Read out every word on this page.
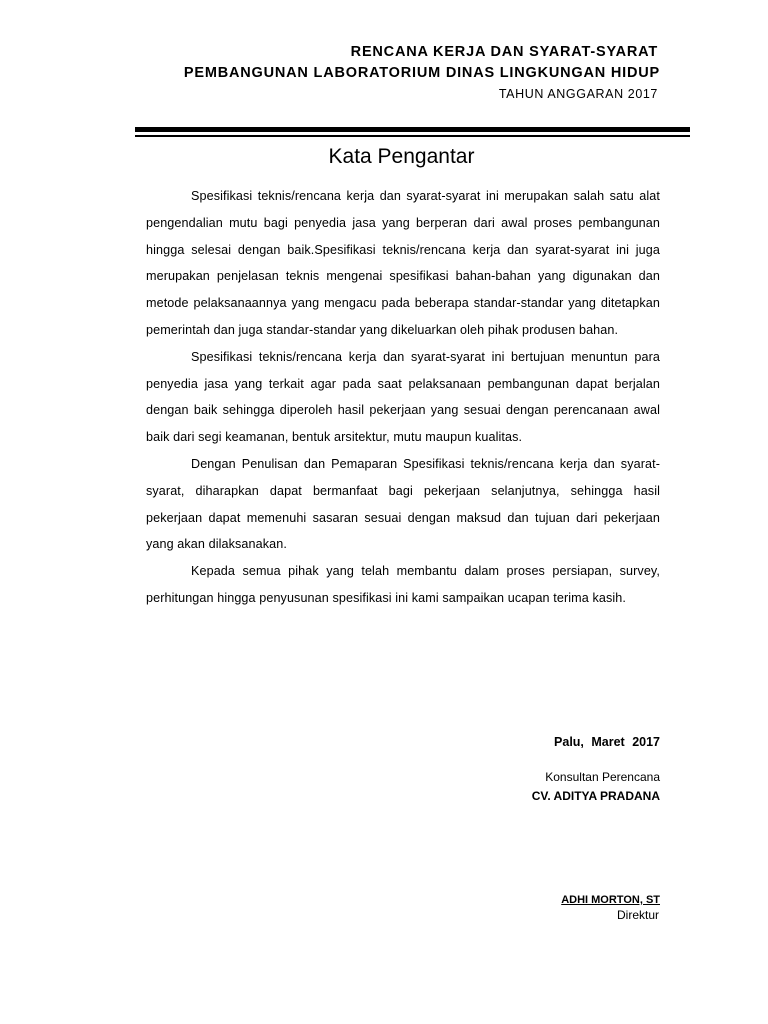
RENCANA KERJA DAN SYARAT-SYARAT
PEMBANGUNAN LABORATORIUM DINAS LINGKUNGAN HIDUP
TAHUN ANGGARAN 2017
Kata Pengantar

Spesifikasi teknis/rencana kerja dan syarat-syarat ini merupakan salah satu alat pengendalian mutu bagi penyedia jasa yang berperan dari awal proses pembangunan hingga selesai dengan baik.Spesifikasi teknis/rencana kerja dan syarat-syarat ini juga merupakan penjelasan teknis mengenai spesifikasi bahan-bahan yang digunakan dan metode pelaksanaannya yang mengacu pada beberapa standar-standar yang ditetapkan pemerintah dan juga standar-standar yang dikeluarkan oleh pihak produsen bahan.

Spesifikasi teknis/rencana kerja dan syarat-syarat ini bertujuan menuntun para penyedia jasa yang terkait agar pada saat pelaksanaan pembangunan dapat berjalan dengan baik sehingga diperoleh hasil pekerjaan yang sesuai dengan perencanaan awal baik dari segi keamanan, bentuk arsitektur, mutu maupun kualitas.

Dengan Penulisan dan Pemaparan Spesifikasi teknis/rencana kerja dan syarat-syarat, diharapkan dapat bermanfaat bagi pekerjaan selanjutnya, sehingga hasil pekerjaan dapat memenuhi sasaran sesuai dengan maksud dan tujuan dari pekerjaan yang akan dilaksanakan.

Kepada semua pihak yang telah membantu dalam proses persiapan, survey, perhitungan hingga penyusunan spesifikasi ini kami sampaikan ucapan terima kasih.

Palu, Maret 2017
Konsultan Perencana
CV. ADITYA PRADANA
ADHI MORTON, ST
Direktur
